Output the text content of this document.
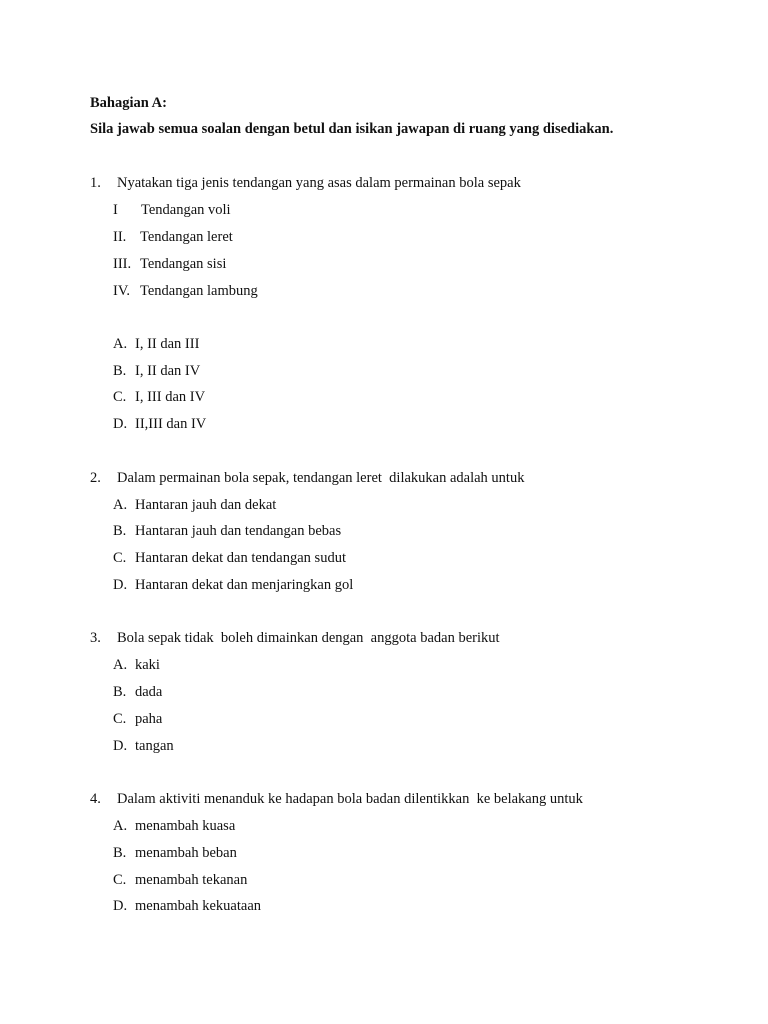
Bahagian A:
Sila jawab semua soalan dengan betul dan isikan jawapan di ruang yang disediakan.
1. Nyatakan tiga jenis tendangan yang asas dalam permainan bola sepak
I Tendangan voli
II. Tendangan leret
III. Tendangan sisi
IV. Tendangan lambung
A. I, II dan III
B. I, II dan IV
C. I, III dan IV
D. II,III dan IV
2. Dalam permainan bola sepak, tendangan leret  dilakukan adalah untuk
A. Hantaran jauh dan dekat
B. Hantaran jauh dan tendangan bebas
C. Hantaran dekat dan tendangan sudut
D. Hantaran dekat dan menjaringkan gol
3. Bola sepak tidak  boleh dimainkan dengan  anggota badan berikut
A. kaki
B. dada
C. paha
D. tangan
4. Dalam aktiviti menanduk ke hadapan bola badan dilentikkan  ke belakang untuk
A. menambah kuasa
B. menambah beban
C. menambah tekanan
D. menambah kekuataan
